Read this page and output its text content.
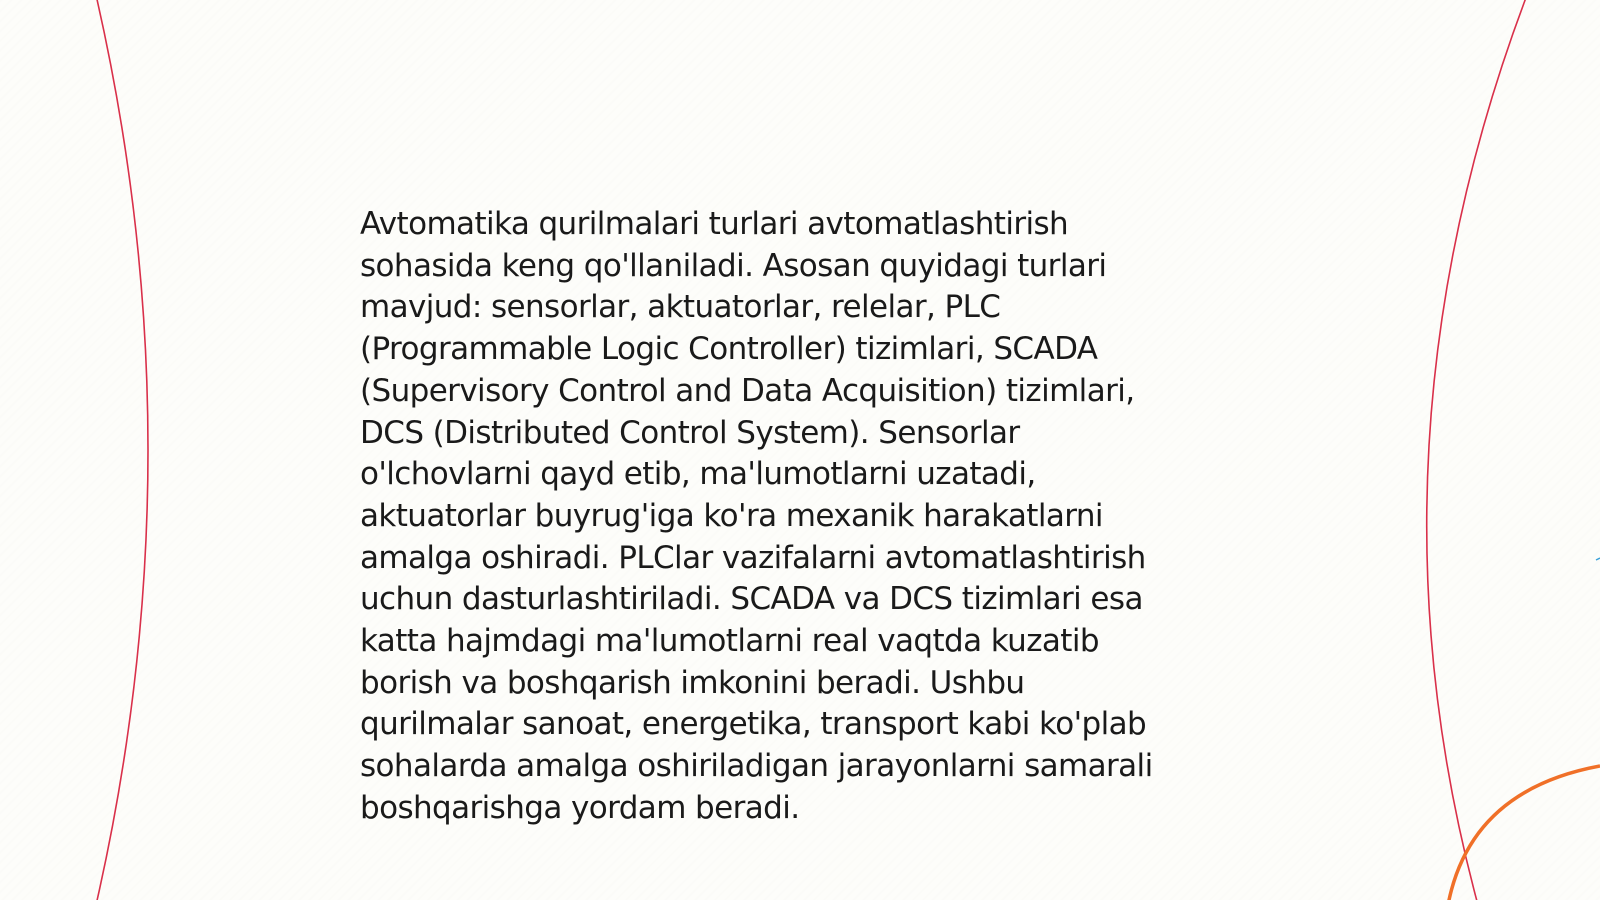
Avtomatika qurilmalari turlari avtomatlashtirish
sohasida keng qo'llaniladi. Asosan quyidagi turlari
mavjud: sensorlar, aktuatorlar, relelar, PLC
(Programmable Logic Controller) tizimlari, SCADA
(Supervisory Control and Data Acquisition) tizimlari,
DCS (Distributed Control System). Sensorlar
o'lchovlarni qayd etib, ma'lumotlarni uzatadi,
aktuatorlar buyrug'iga ko'ra mexanik harakatlarni
amalga oshiradi. PLClar vazifalarni avtomatlashtirish
uchun dasturlashtiriladi. SCADA va DCS tizimlari esa
katta hajmdagi ma'lumotlarni real vaqtda kuzatib
borish va boshqarish imkonini beradi. Ushbu
qurilmalar sanoat, energetika, transport kabi ko'plab
sohalarda amalga oshiriladigan jarayonlarni samarali
boshqarishga yordam beradi.
